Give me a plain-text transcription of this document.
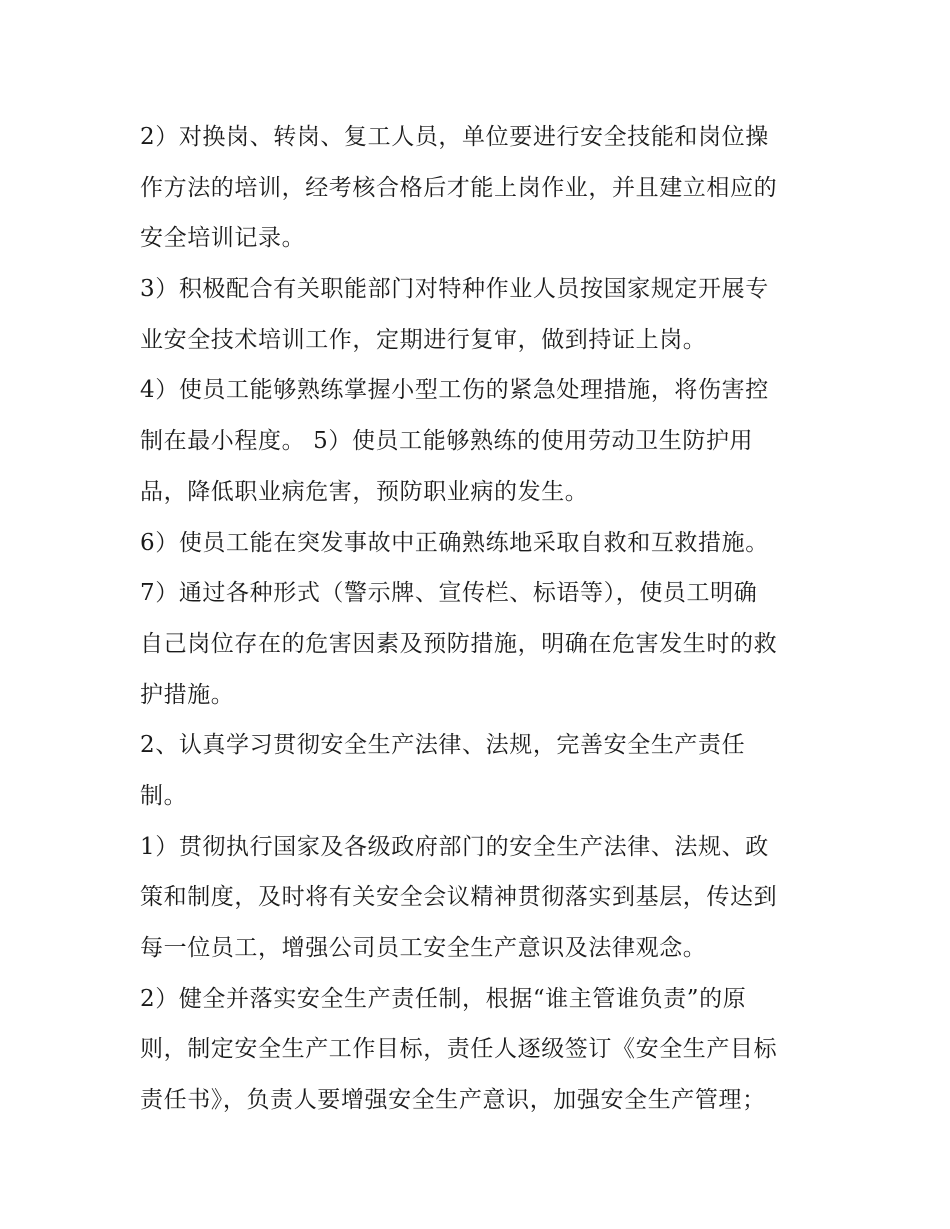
2）对换岗、转岗、复工人员，单位要进行安全技能和岗位操
作方法的培训，经考核合格后才能上岗作业，并且建立相应的
安全培训记录。
3）积极配合有关职能部门对特种作业人员按国家规定开展专
业安全技术培训工作，定期进行复审，做到持证上岗。
4）使员工能够熟练掌握小型工伤的紧急处理措施，将伤害控
制在最小程度。 5）使员工能够熟练的使用劳动卫生防护用
品，降低职业病危害，预防职业病的发生。
6）使员工能在突发事故中正确熟练地采取自救和互救措施。
7）通过各种形式（警示牌、宣传栏、标语等），使员工明确
自己岗位存在的危害因素及预防措施，明确在危害发生时的救
护措施。
2、认真学习贯彻安全生产法律、法规，完善安全生产责任
制。
1）贯彻执行国家及各级政府部门的安全生产法律、法规、政
策和制度，及时将有关安全会议精神贯彻落实到基层，传达到
每一位员工，增强公司员工安全生产意识及法律观念。
2）健全并落实安全生产责任制，根据“谁主管谁负责”的原
则，制定安全生产工作目标，责任人逐级签订《安全生产目标
责任书》，负责人要增强安全生产意识，加强安全生产管理；
